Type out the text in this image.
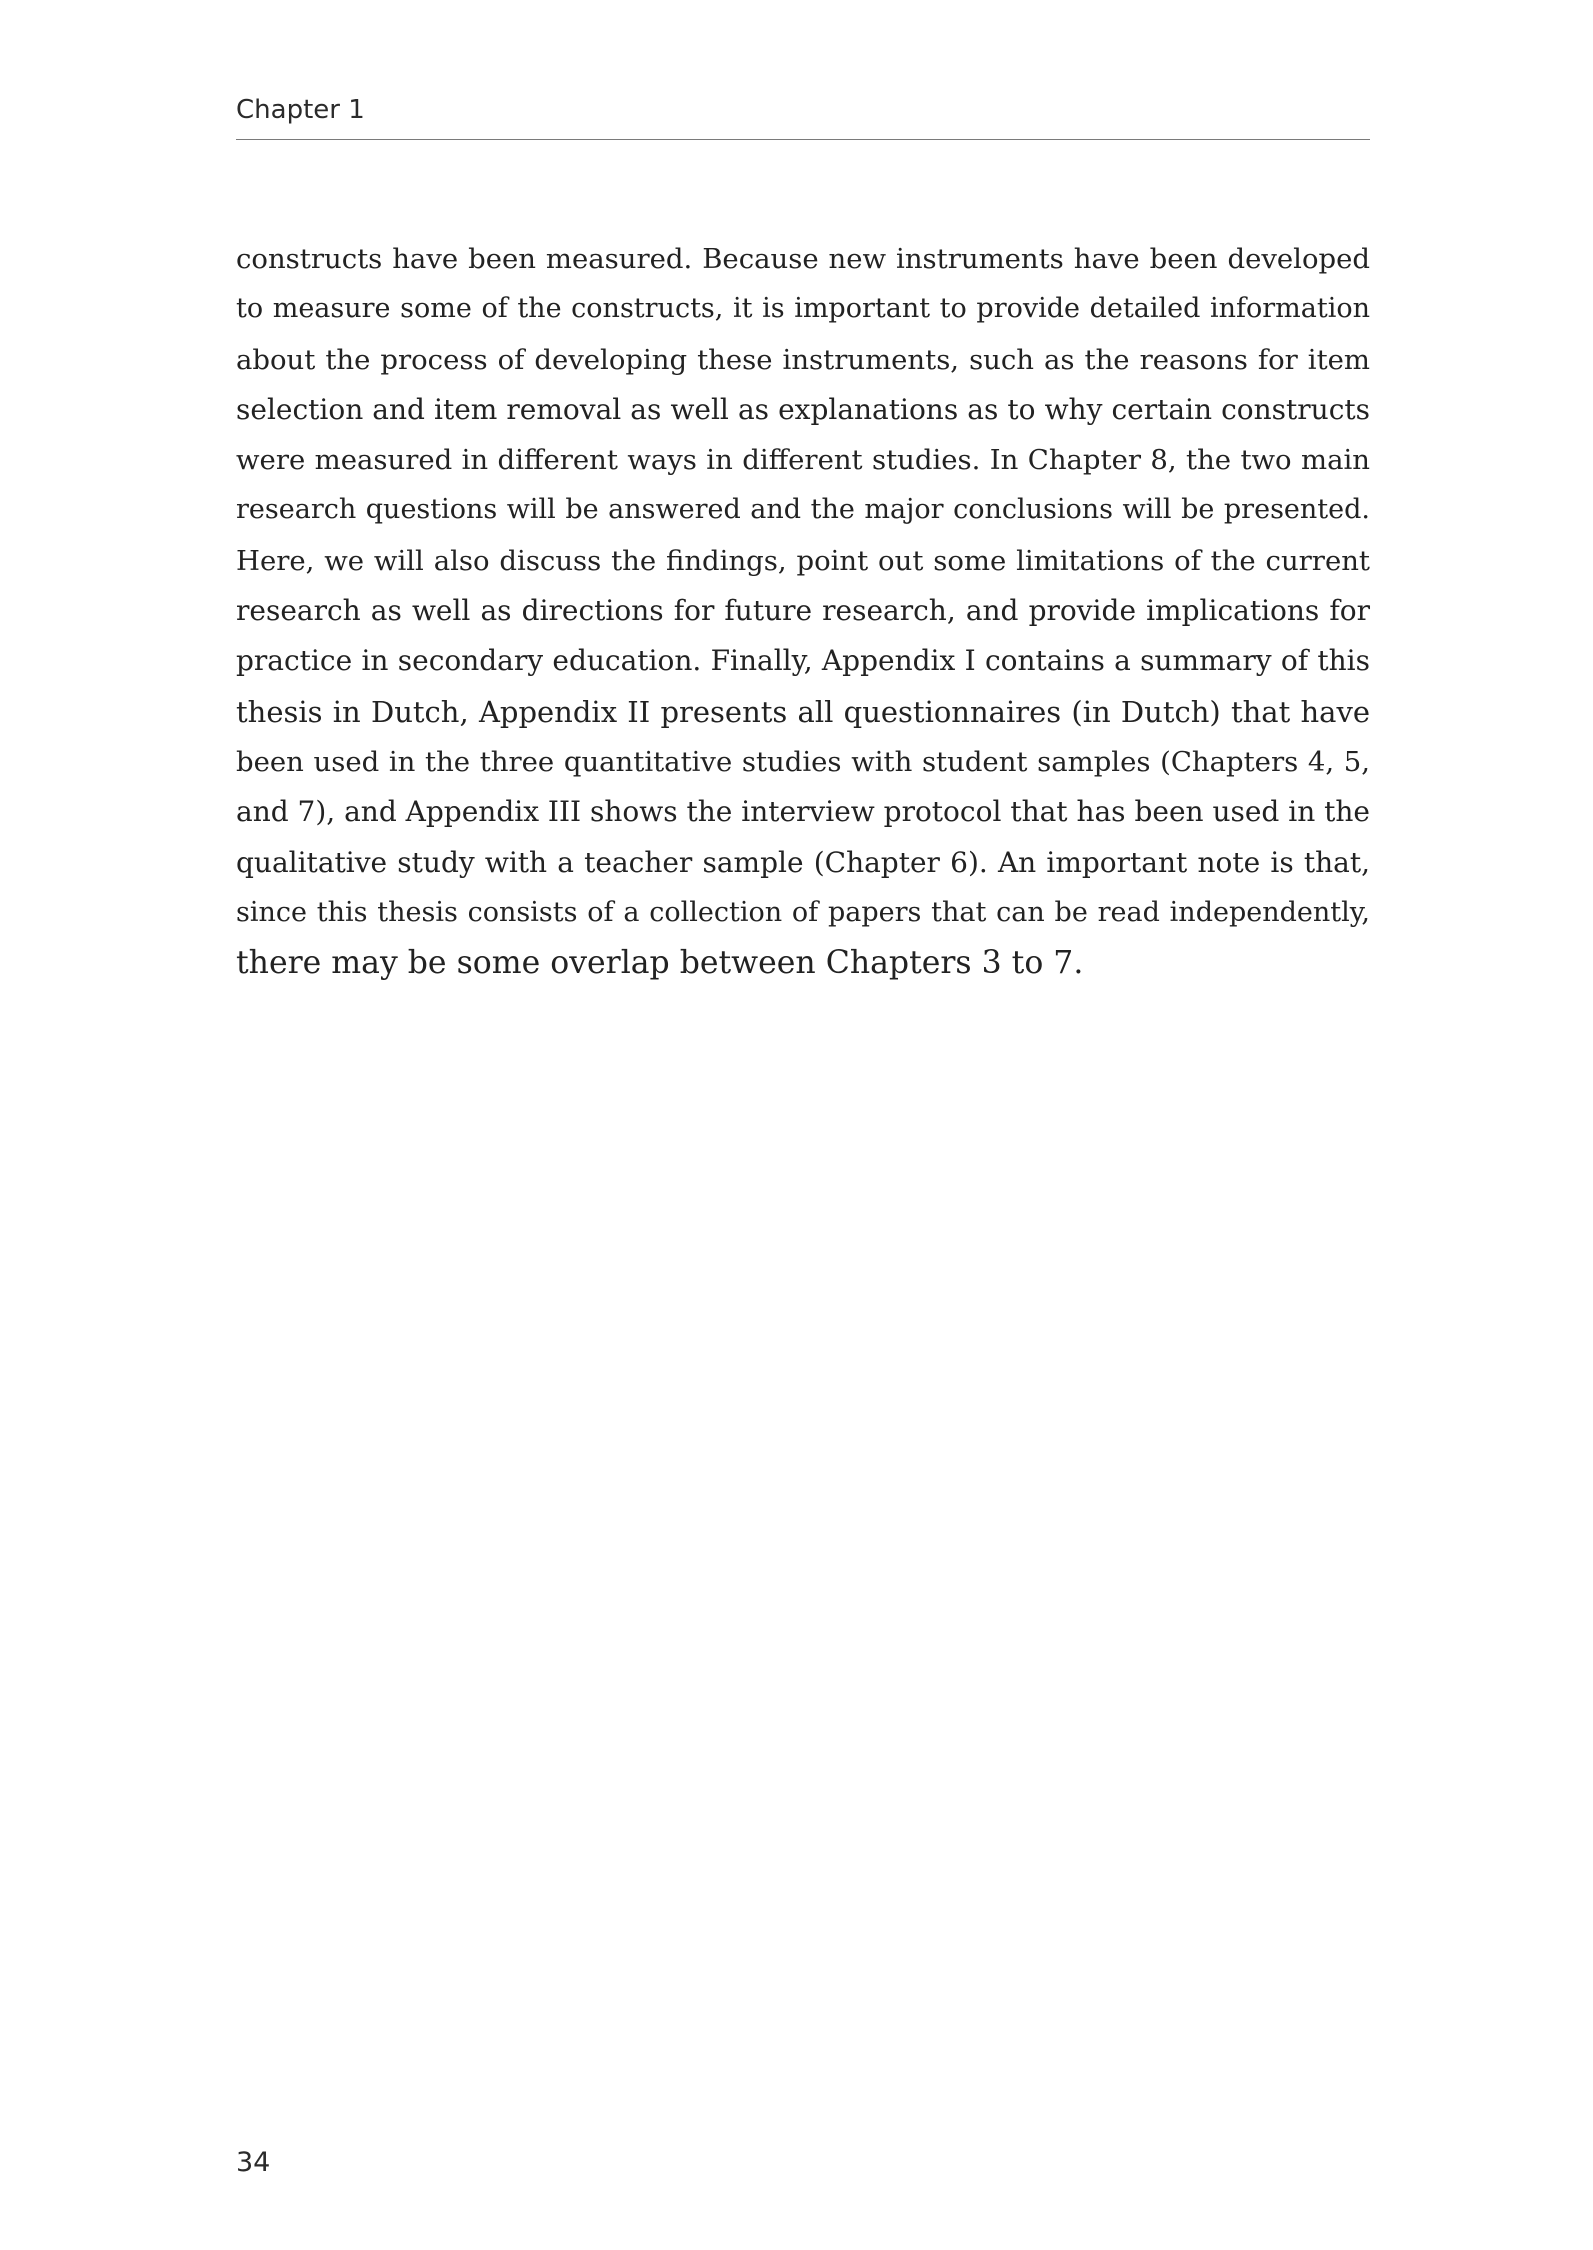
Chapter 1

constructs have been measured. Because new instruments have been developed
to measure some of the constructs, it is important to provide detailed information
about the process of developing these instruments, such as the reasons for item
selection and item removal as well as explanations as to why certain constructs
were measured in different ways in different studies. In Chapter 8, the two main
research questions will be answered and the major conclusions will be presented.
Here, we will also discuss the findings, point out some limitations of the current
research as well as directions for future research, and provide implications for
practice in secondary education. Finally, Appendix I contains a summary of this
thesis in Dutch, Appendix II presents all questionnaires (in Dutch) that have
been used in the three quantitative studies with student samples (Chapters 4, 5,
and 7), and Appendix III shows the interview protocol that has been used in the
qualitative study with a teacher sample (Chapter 6). An important note is that,
since this thesis consists of a collection of papers that can be read independently,
there may be some overlap between Chapters 3 to 7.

34
